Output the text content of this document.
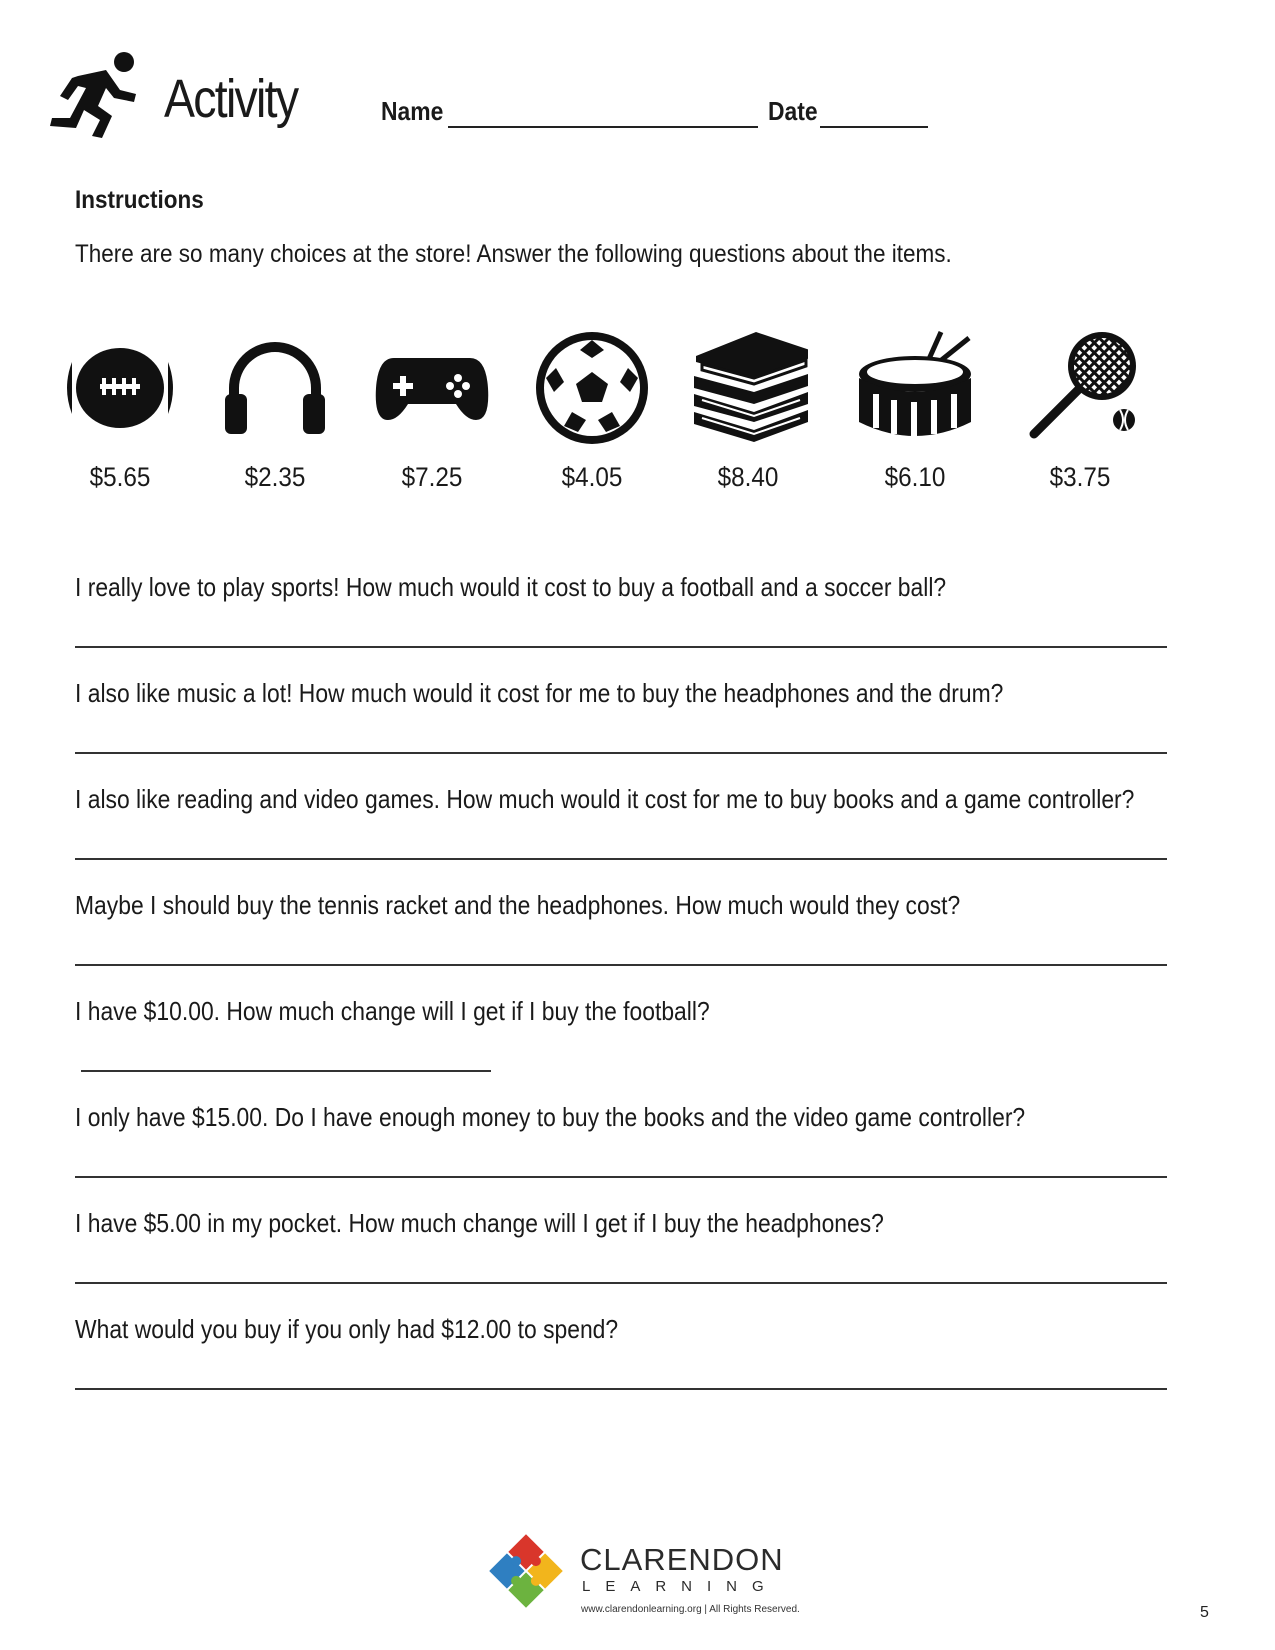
Activity	Name	Date
Instructions
There are so many choices at the store! Answer the following questions about the items.
$5.65	$2.35	$7.25	$4.05	$8.40	$6.10	$3.75
I really love to play sports! How much would it cost to buy a football and a soccer ball?
I also like music a lot! How much would it cost for me to buy the headphones and the drum?
I also like reading and video games. How much would it cost for me to buy books and a game controller?
Maybe I should buy the tennis racket and the headphones. How much would they cost?
I have $10.00. How much change will I get if I buy the football?
I only have $15.00. Do I have enough money to buy the books and the video game controller?
I have $5.00 in my pocket. How much change will I get if I buy the headphones?
What would you buy if you only had $12.00 to spend?
CLARENDON
LEARNING
www.clarendonlearning.org | All Rights Reserved.	5
